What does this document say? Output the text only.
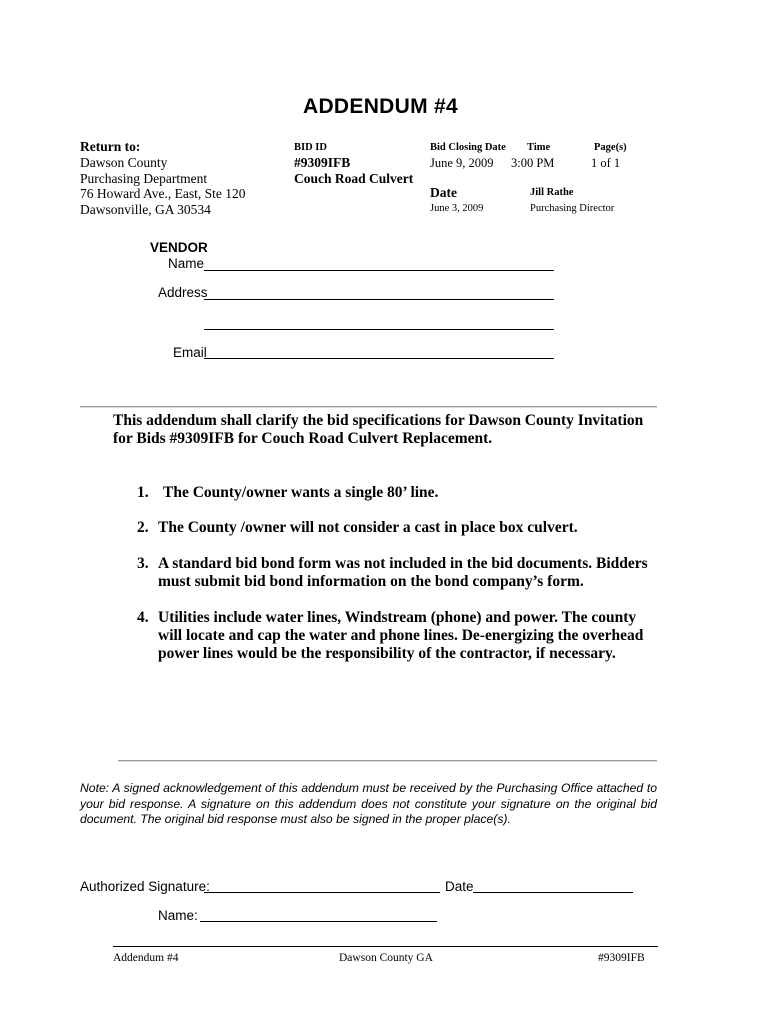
ADDENDUM #4
Return to:
Dawson County
Purchasing Department
76 Howard Ave., East, Ste 120
Dawsonville, GA 30534
BID ID
#9309IFB
Couch Road Culvert
Bid Closing Date
June 9, 2009
Time
3:00 PM
Page(s)
1 of 1
Date
June 3, 2009
Jill Rathe
Purchasing Director
VENDOR
Name
Address
Email
This addendum shall clarify the bid specifications for Dawson County Invitation for Bids #9309IFB for Couch Road Culvert Replacement.
1. The County/owner wants a single 80’ line.
2. The County /owner will not consider a cast in place box culvert.
3. A standard bid bond form was not included in the bid documents. Bidders
must submit bid bond information on the bond company’s form.
4. Utilities include water lines, Windstream (phone) and power. The county
will locate and cap the water and phone lines. De-energizing the overhead
power lines would be the responsibility of the contractor, if necessary.
Note: A signed acknowledgement of this addendum must be received by the Purchasing Office attached to your bid response. A signature on this addendum does not constitute your signature on the original bid document. The original bid response must also be signed in the proper place(s).
Authorized Signature:	Date
Name:
Addendum #4	Dawson County GA	#9309IFB
